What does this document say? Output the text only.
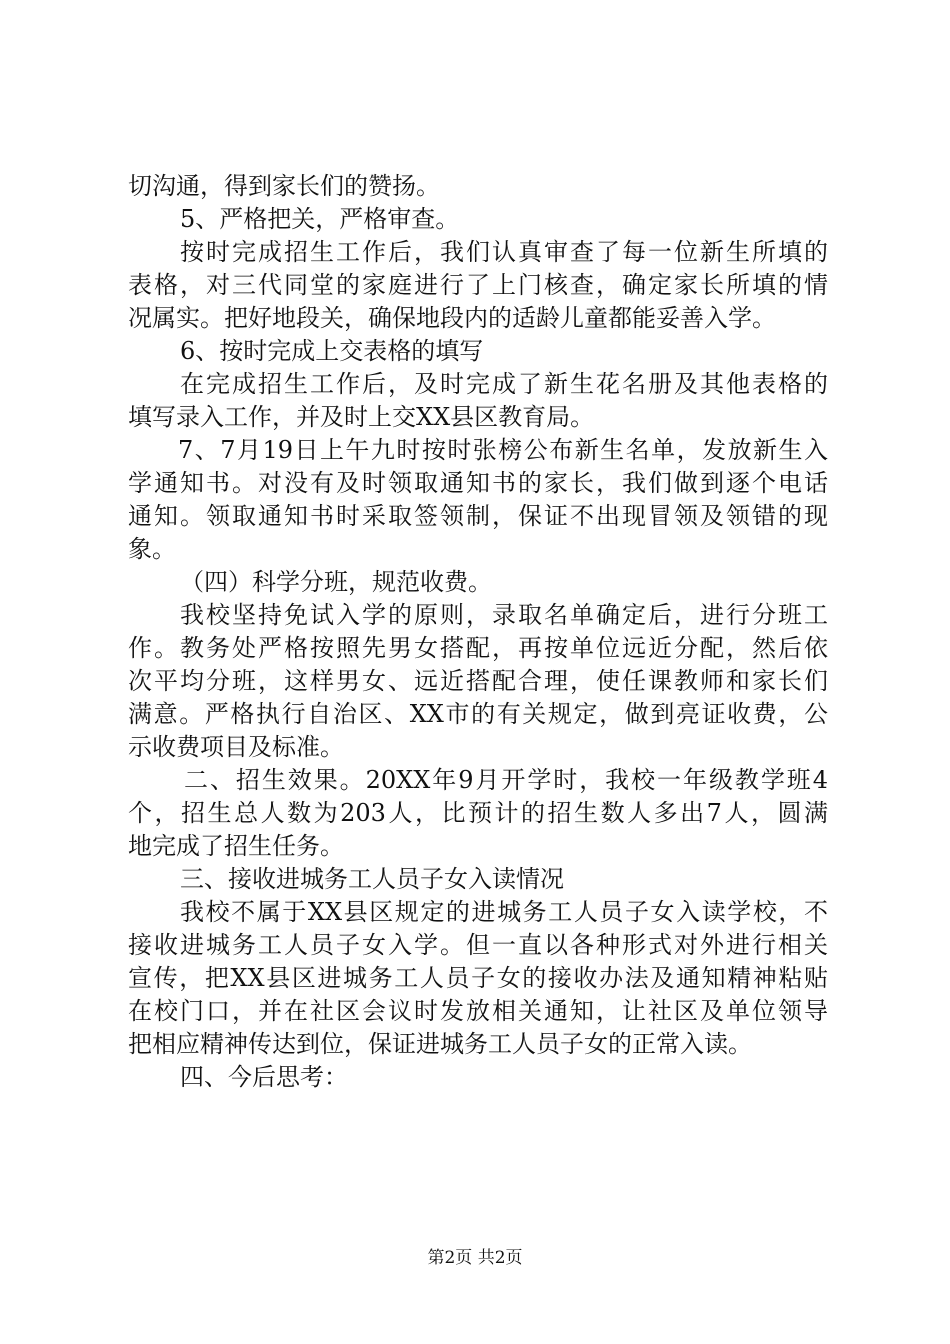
切沟通，得到家长们的赞扬。
5、严格把关，严格审查。
按时完成招生工作后，我们认真审查了每一位新生所填的
表格，对三代同堂的家庭进行了上门核查，确定家长所填的情
况属实。把好地段关，确保地段内的适龄儿童都能妥善入学。
6、按时完成上交表格的填写
在完成招生工作后，及时完成了新生花名册及其他表格的
填写录入工作，并及时上交XX县区教育局。
7、7月19日上午九时按时张榜公布新生名单，发放新生入
学通知书。对没有及时领取通知书的家长，我们做到逐个电话
通知。领取通知书时采取签领制，保证不出现冒领及领错的现
象。
（四）科学分班，规范收费。
我校坚持免试入学的原则，录取名单确定后，进行分班工
作。教务处严格按照先男女搭配，再按单位远近分配，然后依
次平均分班，这样男女、远近搭配合理，使任课教师和家长们
满意。严格执行自治区、XX市的有关规定，做到亮证收费，公
示收费项目及标准。
二、招生效果。20XX年9月开学时，我校一年级教学班4
个，招生总人数为203人，比预计的招生数人多出7人，圆满
地完成了招生任务。
三、接收进城务工人员子女入读情况
我校不属于XX县区规定的进城务工人员子女入读学校，不
接收进城务工人员子女入学。但一直以各种形式对外进行相关
宣传，把XX县区进城务工人员子女的接收办法及通知精神粘贴
在校门口，并在社区会议时发放相关通知，让社区及单位领导
把相应精神传达到位，保证进城务工人员子女的正常入读。
四、今后思考：
第2页 共2页
